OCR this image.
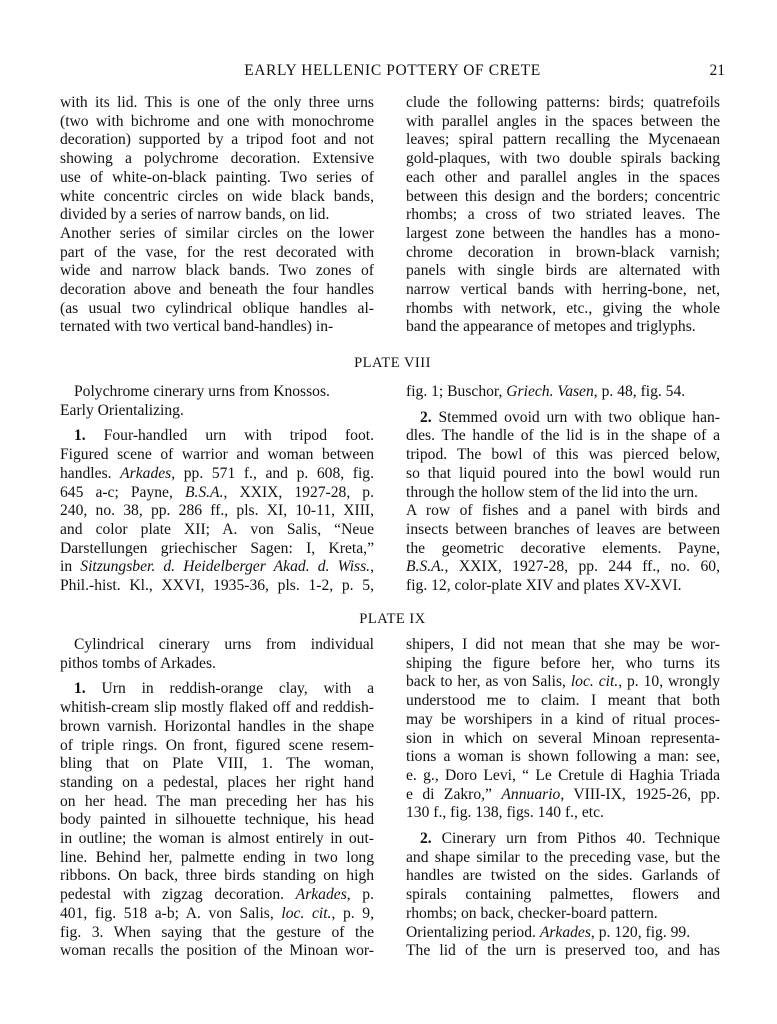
EARLY HELLENIC POTTERY OF CRETE	21
with its lid. This is one of the only three urns
(two with bichrome and one with monochrome
decoration) supported by a tripod foot and not
showing a polychrome decoration. Extensive
use of white-on-black painting. Two series of
white concentric circles on wide black bands,
divided by a series of narrow bands, on lid.
Another series of similar circles on the lower
part of the vase, for the rest decorated with
wide and narrow black bands. Two zones of
decoration above and beneath the four handles
(as usual two cylindrical oblique handles al-
ternated with two vertical band-handles) in-
clude the following patterns: birds; quatrefoils
with parallel angles in the spaces between the
leaves; spiral pattern recalling the Mycenaean
gold-plaques, with two double spirals backing
each other and parallel angles in the spaces
between this design and the borders; concentric
rhombs; a cross of two striated leaves. The
largest zone between the handles has a mono-
chrome decoration in brown-black varnish;
panels with single birds are alternated with
narrow vertical bands with herring-bone, net,
rhombs with network, etc., giving the whole
band the appearance of metopes and triglyphs.
PLATE VIII
Polychrome cinerary urns from Knossos.
Early Orientalizing.
1. Four-handled urn with tripod foot.
Figured scene of warrior and woman between
handles. Arkades, pp. 571 f., and p. 608, fig.
645 a-c; Payne, B.S.A., XXIX, 1927-28, p.
240, no. 38, pp. 286 ff., pls. XI, 10-11, XIII,
and color plate XII; A. von Salis, “Neue
Darstellungen griechischer Sagen: I, Kreta,”
in Sitzungsber. d. Heidelberger Akad. d. Wiss.,
Phil.-hist. Kl., XXVI, 1935-36, pls. 1-2, p. 5,
fig. 1; Buschor, Griech. Vasen, p. 48, fig. 54.
2. Stemmed ovoid urn with two oblique han-
dles. The handle of the lid is in the shape of a
tripod. The bowl of this was pierced below,
so that liquid poured into the bowl would run
through the hollow stem of the lid into the urn.
A row of fishes and a panel with birds and
insects between branches of leaves are between
the geometric decorative elements. Payne,
B.S.A., XXIX, 1927-28, pp. 244 ff., no. 60,
fig. 12, color-plate XIV and plates XV-XVI.
PLATE IX
Cylindrical cinerary urns from individual
pithos tombs of Arkades.
1. Urn in reddish-orange clay, with a
whitish-cream slip mostly flaked off and reddish-
brown varnish. Horizontal handles in the shape
of triple rings. On front, figured scene resem-
bling that on Plate VIII, 1. The woman,
standing on a pedestal, places her right hand
on her head. The man preceding her has his
body painted in silhouette technique, his head
in outline; the woman is almost entirely in out-
line. Behind her, palmette ending in two long
ribbons. On back, three birds standing on high
pedestal with zigzag decoration. Arkades, p.
401, fig. 518 a-b; A. von Salis, loc. cit., p. 9,
fig. 3. When saying that the gesture of the
woman recalls the position of the Minoan wor-
shipers, I did not mean that she may be wor-
shiping the figure before her, who turns its
back to her, as von Salis, loc. cit., p. 10, wrongly
understood me to claim. I meant that both
may be worshipers in a kind of ritual proces-
sion in which on several Minoan representa-
tions a woman is shown following a man: see,
e. g., Doro Levi, “ Le Cretule di Haghia Triada
e di Zakro,” Annuario, VIII-IX, 1925-26, pp.
130 f., fig. 138, figs. 140 f., etc.
2. Cinerary urn from Pithos 40. Technique
and shape similar to the preceding vase, but the
handles are twisted on the sides. Garlands of
spirals containing palmettes, flowers and
rhombs; on back, checker-board pattern.
Orientalizing period. Arkades, p. 120, fig. 99.
The lid of the urn is preserved too, and has
